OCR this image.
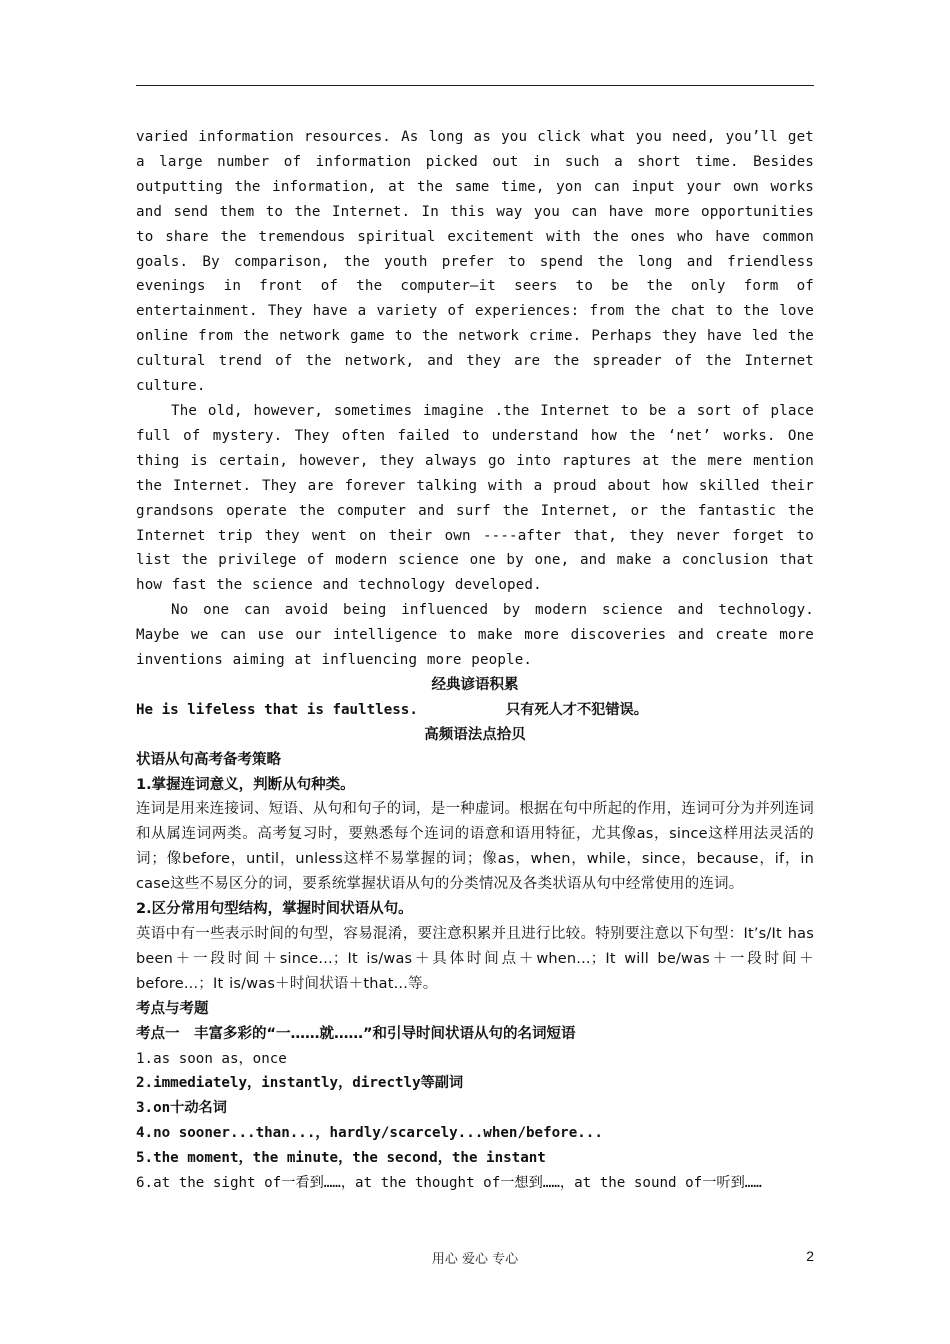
varied information resources. As long as you click what you need, you’ll get a large number of information picked out in such a short time. Besides outputting the information, at the same time, yon can input your own works and send them to the Internet. In this way you can have more opportunities to share the tremendous spiritual excitement with the ones who have common goals. By comparison, the youth prefer to spend the long and friendless evenings in front of the computer—it seers to be the only form of entertainment. They have a variety of experiences: from the chat to the love online from the network game to the network crime. Perhaps they have led the cultural trend of the network, and they are the spreader of the Internet culture.

The old, however, sometimes imagine .the Internet to be a sort of place full of mystery. They often failed to understand how the ‘net’ works. One thing is certain, however, they always go into raptures at the mere mention the Internet. They are forever talking with a proud about how skilled their grandsons operate the computer and surf the Internet, or the fantastic the Internet trip they went on their own ----after that, they never forget to list the privilege of modern science one by one, and make a conclusion that how fast the science and technology developed.

No one can avoid being influenced by modern science and technology. Maybe we can use our intelligence to make more discoveries and create more inventions aiming at influencing more people.

经典谚语积累

He is lifeless that is faultless.	只有死人才不犯错误。

高频语法点拾贝

状语从句高考备考策略

1.掌握连词意义，判断从句种类。

连词是用来连接词、短语、从句和句子的词，是一种虚词。根据在句中所起的作用，连词可分为并列连词和从属连词两类。高考复习时，要熟悉每个连词的语意和语用特征，尤其像as，since这样用法灵活的词；像before，until，unless这样不易掌握的词；像as，when，while，since，because，if，in case这些不易区分的词，要系统掌握状语从句的分类情况及各类状语从句中经常使用的连词。

2.区分常用句型结构，掌握时间状语从句。

英语中有一些表示时间的句型，容易混淆，要注意积累并且进行比较。特别要注意以下句型：It’s/It has been＋一段时间＋since...；It is/was＋具体时间点＋when...；It will be/was＋一段时间＋before...；It is/was＋时间状语＋that...等。

考点与考题

考点一　丰富多彩的“一……就……”和引导时间状语从句的名词短语

1.as soon as，once

2.immediately，instantly，directly等副词

3.on十动名词

4.no sooner...than...，hardly/scarcely...when/before...

5.the moment，the minute，the second，the instant

6.at the sight of一看到……，at the thought of一想到……，at the sound of一听到……

用心 爱心 专心	2
